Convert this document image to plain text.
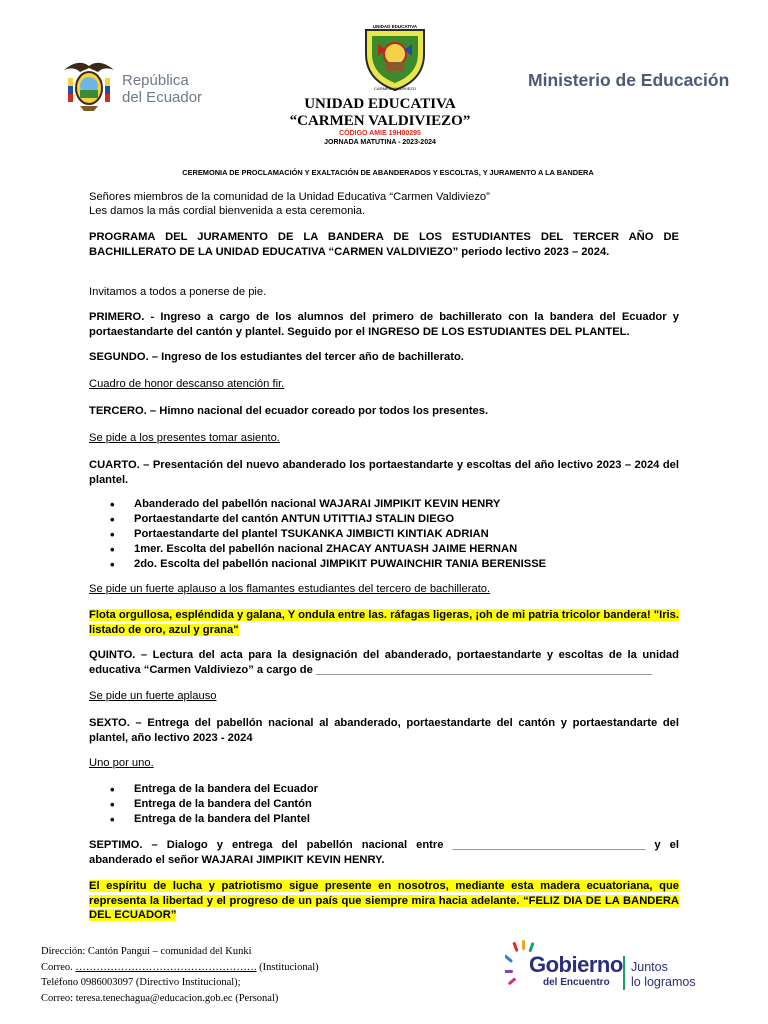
República
del Ecuador
UNIDAD EDUCATIVA
CARMEN VALDIVIEZO	Ministerio de Educación
UNIDAD EDUCATIVA
“CARMEN VALDIVIEZO”
CÓDIGO AMIE 19H00295
JORNADA MATUTINA - 2023-2024
CEREMONIA DE PROCLAMACIÓN Y EXALTACIÓN DE ABANDERADOS Y ESCOLTAS, Y JURAMENTO A LA BANDERA
Señores miembros de la comunidad de la Unidad Educativa “Carmen Valdiviezo”
Les damos la más cordial bienvenida a esta ceremonia.

PROGRAMA DEL JURAMENTO DE LA BANDERA DE LOS ESTUDIANTES DEL TERCER AÑO DE BACHILLERATO DE LA UNIDAD EDUCATIVA “CARMEN VALDIVIEZO” periodo lectivo 2023 – 2024.

Invitamos a todos a ponerse de pie.
PRIMERO. - Ingreso a cargo de los alumnos del primero de bachillerato con la bandera del Ecuador y portaestandarte del cantón y plantel. Seguido por el INGRESO DE LOS ESTUDIANTES DEL PLANTEL.
SEGUNDO. – Ingreso de los estudiantes del tercer año de bachillerato.
Cuadro de honor descanso atención fir.
TERCERO. – Himno nacional del ecuador coreado por todos los presentes.
Se pide a los presentes tomar asiento.
CUARTO. – Presentación del nuevo abanderado los portaestandarte y escoltas del año lectivo 2023 – 2024 del plantel.
• Abanderado del pabellón nacional WAJARAI JIMPIKIT KEVIN HENRY
• Portaestandarte del cantón ANTUN UTITTIAJ STALIN DIEGO
• Portaestandarte del plantel TSUKANKA JIMBICTI KINTIAK ADRIAN
• 1mer. Escolta del pabellón nacional ZHACAY ANTUASH JAIME HERNAN
• 2do. Escolta del pabellón nacional JIMPIKIT PUWAINCHIR TANIA BERENISSE
Se pide un fuerte aplauso a los flamantes estudiantes del tercero de bachillerato.

Flota orgullosa, espléndida y galana, Y ondula entre las. ráfagas ligeras, ¡oh de mi patria tricolor bandera! "Iris. listado de oro, azul y grana"

QUINTO. – Lectura del acta para la designación del abanderado, portaestandarte y escoltas de la unidad educativa “Carmen Valdiviezo” a cargo de ______________________________________________________
Se pide un fuerte aplauso
SEXTO. – Entrega del pabellón nacional al abanderado, portaestandarte del cantón y portaestandarte del plantel, año lectivo 2023 - 2024
Uno por uno.
• Entrega de la bandera del Ecuador
• Entrega de la bandera del Cantón
• Entrega de la bandera del Plantel
SEPTIMO. – Dialogo y entrega del pabellón nacional entre _______________________________ y el abanderado el señor WAJARAI JIMPIKIT KEVIN HENRY.

El espíritu de lucha y patriotismo sigue presente en nosotros, mediante esta madera ecuatoriana, que representa la libertad y el progreso de un país que siempre mira hacia adelante. “FELIZ DIA DE LA BANDERA DEL ECUADOR”

Dirección: Cantón Pangui – comunidad del Kunki
Correo. ……………………………………………. (Institucional)
Teléfono 0986003097 (Directivo Institucional);
Correo: teresa.tenechagua@educacion.gob.ec (Personal)
Gobierno
del Encuentro
Juntos
lo logramos
